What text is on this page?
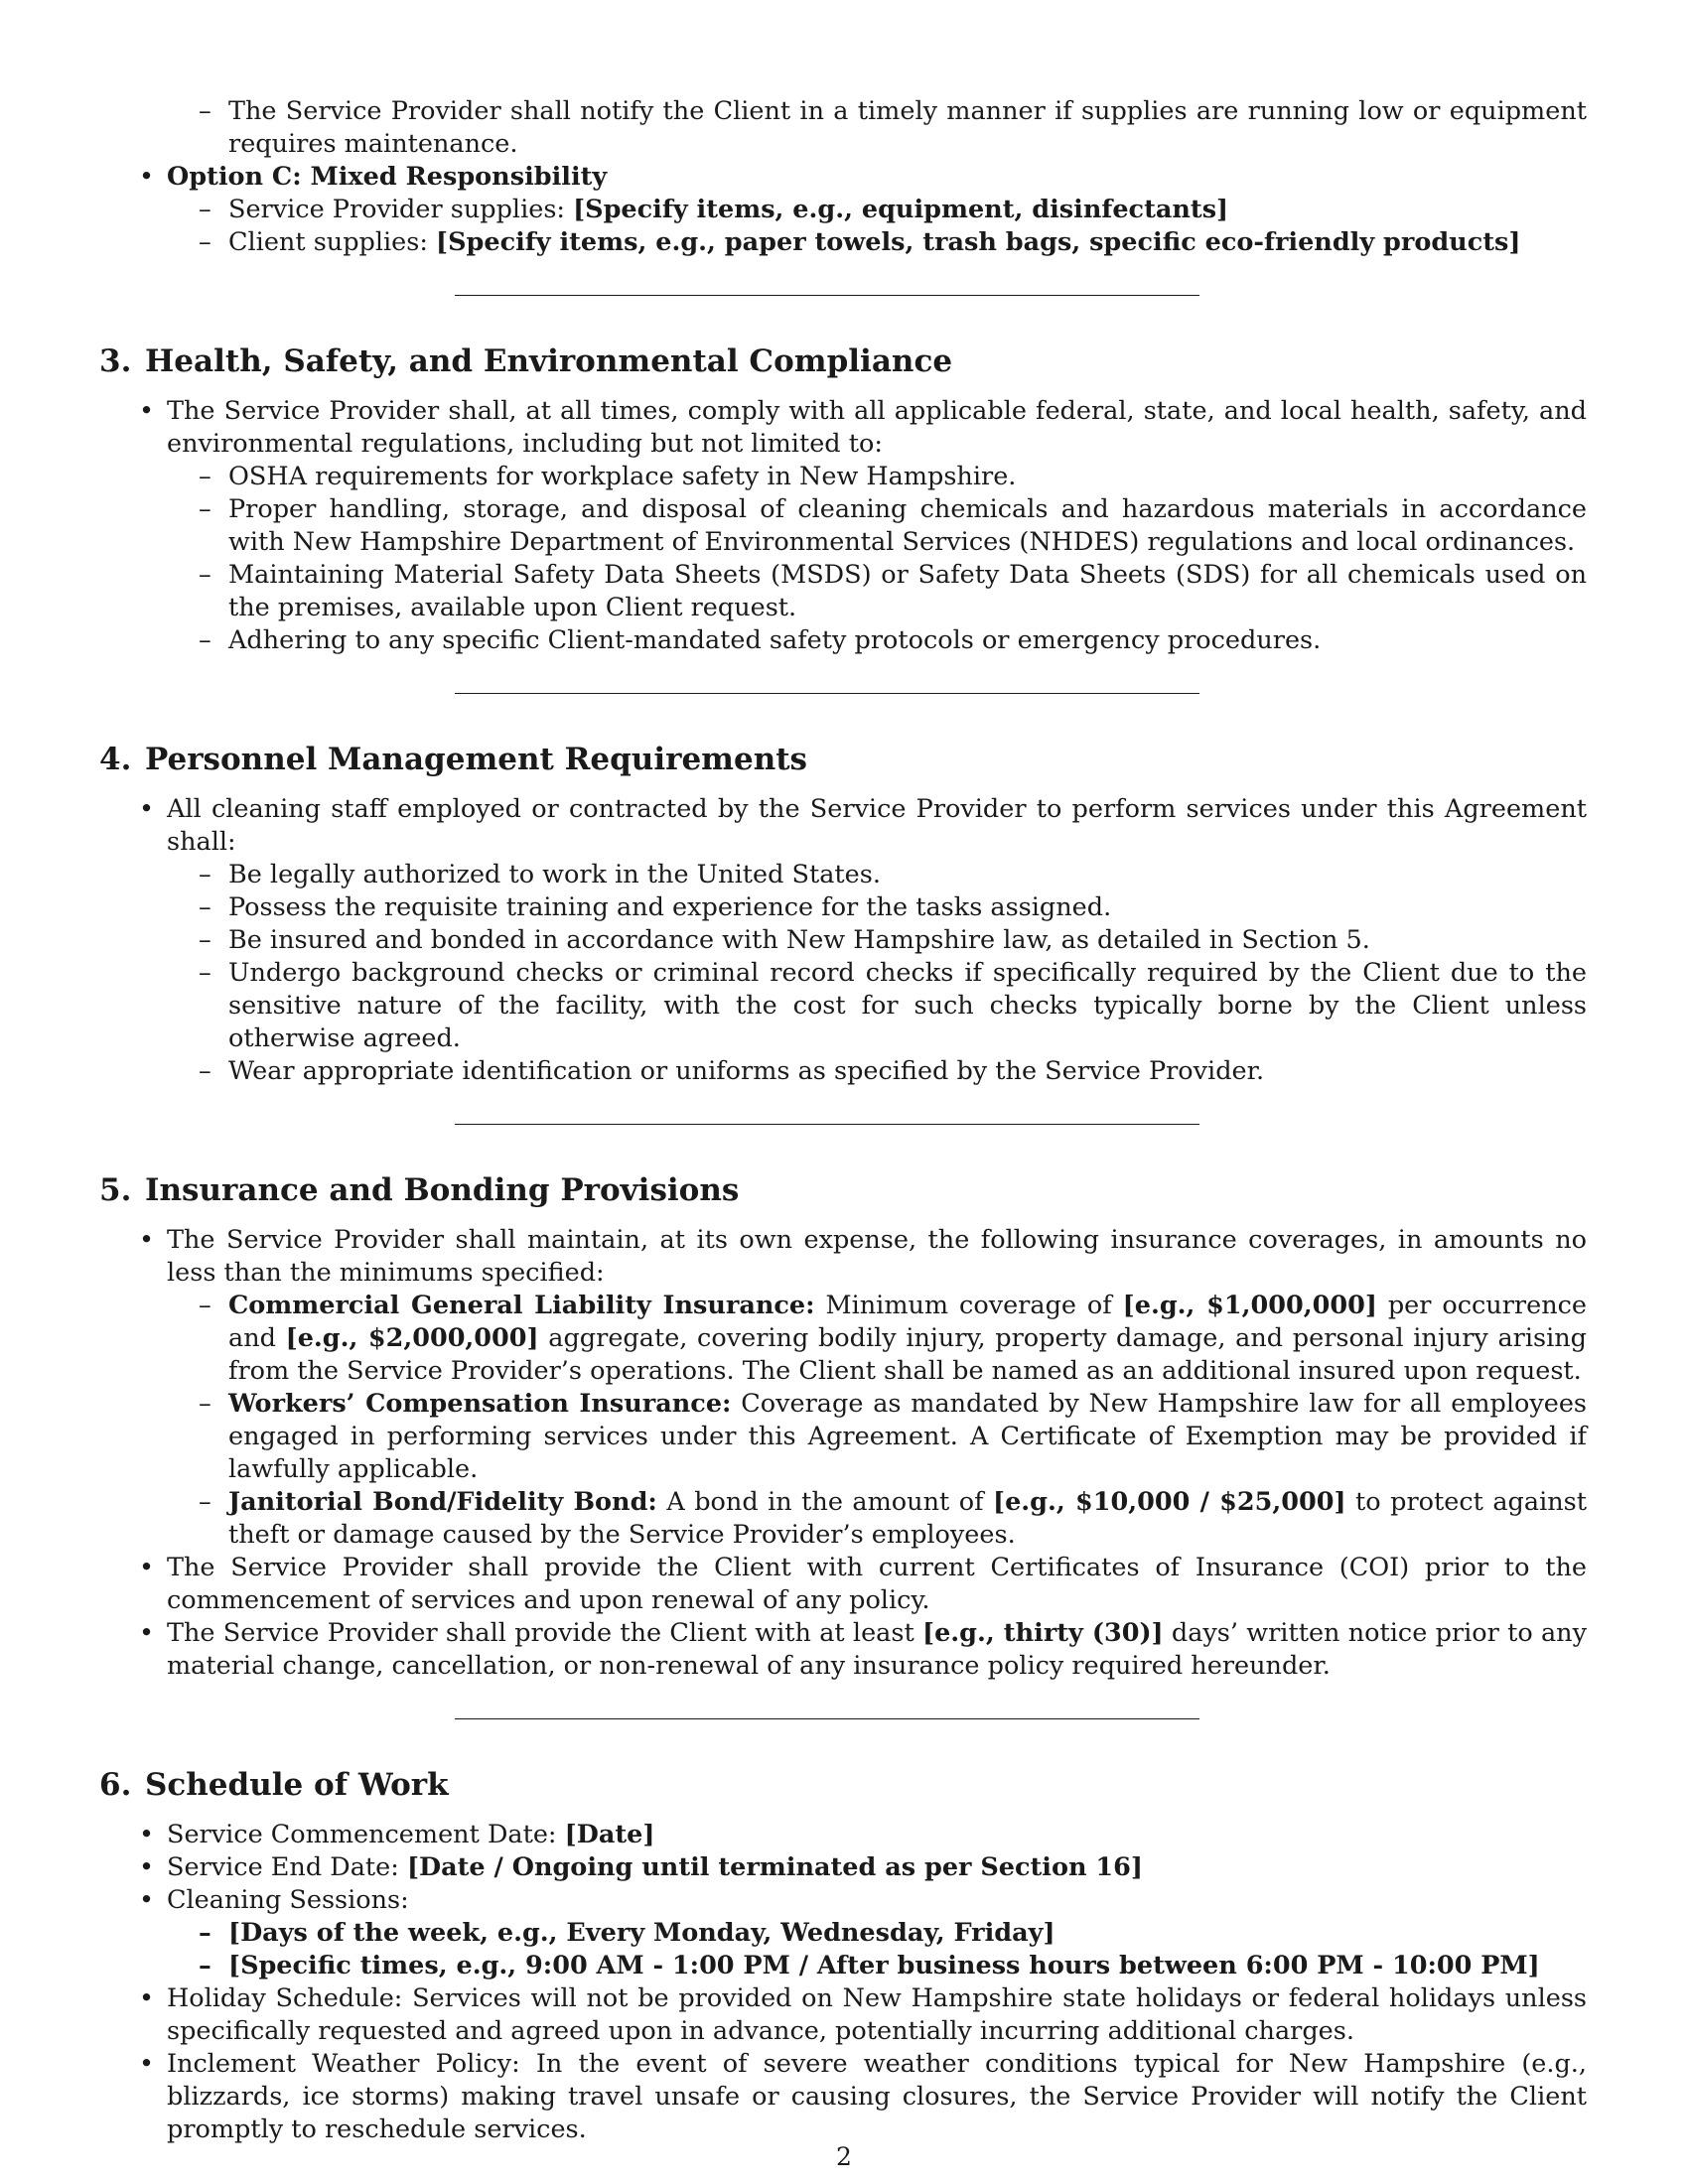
– The Service Provider shall notify the Client in a timely manner if supplies are running low or equipment requires maintenance.
• Option C: Mixed Responsibility
– Service Provider supplies: [Specify items, e.g., equipment, disinfectants]
– Client supplies: [Specify items, e.g., paper towels, trash bags, specific eco-friendly products]
3. Health, Safety, and Environmental Compliance
• The Service Provider shall, at all times, comply with all applicable federal, state, and local health, safety, and environmental regulations, including but not limited to:
– OSHA requirements for workplace safety in New Hampshire.
– Proper handling, storage, and disposal of cleaning chemicals and hazardous materials in accordance with New Hampshire Department of Environmental Services (NHDES) regulations and local ordinances.
– Maintaining Material Safety Data Sheets (MSDS) or Safety Data Sheets (SDS) for all chemicals used on the premises, available upon Client request.
– Adhering to any specific Client-mandated safety protocols or emergency procedures.
4. Personnel Management Requirements
• All cleaning staff employed or contracted by the Service Provider to perform services under this Agreement shall:
– Be legally authorized to work in the United States.
– Possess the requisite training and experience for the tasks assigned.
– Be insured and bonded in accordance with New Hampshire law, as detailed in Section 5.
– Undergo background checks or criminal record checks if specifically required by the Client due to the sensitive nature of the facility, with the cost for such checks typically borne by the Client unless otherwise agreed.
– Wear appropriate identification or uniforms as specified by the Service Provider.
5. Insurance and Bonding Provisions
• The Service Provider shall maintain, at its own expense, the following insurance coverages, in amounts no less than the minimums specified:
– Commercial General Liability Insurance: Minimum coverage of [e.g., $1,000,000] per occurrence and [e.g., $2,000,000] aggregate, covering bodily injury, property damage, and personal injury arising from the Service Provider’s operations. The Client shall be named as an additional insured upon request.
– Workers’ Compensation Insurance: Coverage as mandated by New Hampshire law for all employees engaged in performing services under this Agreement. A Certificate of Exemption may be provided if lawfully applicable.
– Janitorial Bond/Fidelity Bond: A bond in the amount of [e.g., $10,000 / $25,000] to protect against theft or damage caused by the Service Provider’s employees.
• The Service Provider shall provide the Client with current Certificates of Insurance (COI) prior to the commencement of services and upon renewal of any policy.
• The Service Provider shall provide the Client with at least [e.g., thirty (30)] days’ written notice prior to any material change, cancellation, or non-renewal of any insurance policy required hereunder.
6. Schedule of Work
• Service Commencement Date: [Date]
• Service End Date: [Date / Ongoing until terminated as per Section 16]
• Cleaning Sessions:
– [Days of the week, e.g., Every Monday, Wednesday, Friday]
– [Specific times, e.g., 9:00 AM - 1:00 PM / After business hours between 6:00 PM - 10:00 PM]
• Holiday Schedule: Services will not be provided on New Hampshire state holidays or federal holidays unless specifically requested and agreed upon in advance, potentially incurring additional charges.
• Inclement Weather Policy: In the event of severe weather conditions typical for New Hampshire (e.g., blizzards, ice storms) making travel unsafe or causing closures, the Service Provider will notify the Client promptly to reschedule services.
2
